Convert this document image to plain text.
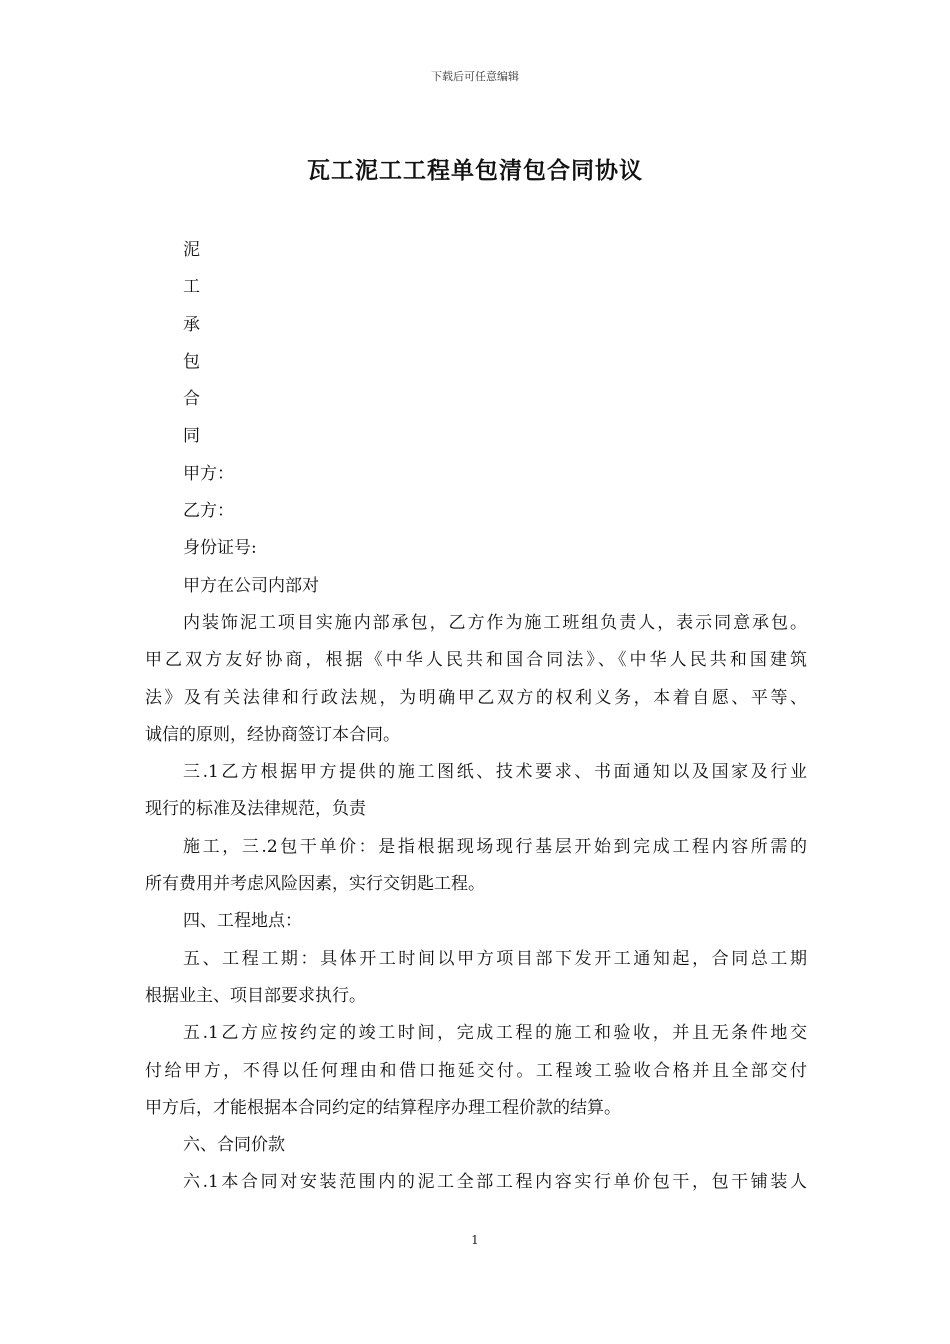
下载后可任意编辑
瓦工泥工工程单包清包合同协议
泥
工
承
包
合
同
甲方：
乙方：
身份证号:
甲方在公司内部对
内装饰泥工项目实施内部承包，乙方作为施工班组负责人，表示同意承包。
甲乙双方友好协商，根据《中华人民共和国合同法》、《中华人民共和国建筑
法》及有关法律和行政法规，为明确甲乙双方的权利义务，本着自愿、平等、
诚信的原则，经协商签订本合同。
三.1乙方根据甲方提供的施工图纸、技术要求、书面通知以及国家及行业
现行的标准及法律规范，负责
施工，三.2包干单价：是指根据现场现行基层开始到完成工程内容所需的
所有费用并考虑风险因素，实行交钥匙工程。
四、工程地点：
五、工程工期：具体开工时间以甲方项目部下发开工通知起，合同总工期
根据业主、项目部要求执行。
五.1乙方应按约定的竣工时间，完成工程的施工和验收，并且无条件地交
付给甲方，不得以任何理由和借口拖延交付。工程竣工验收合格并且全部交付
甲方后，才能根据本合同约定的结算程序办理工程价款的结算。
六、合同价款
六.1本合同对安装范围内的泥工全部工程内容实行单价包干，包干铺装人
1
